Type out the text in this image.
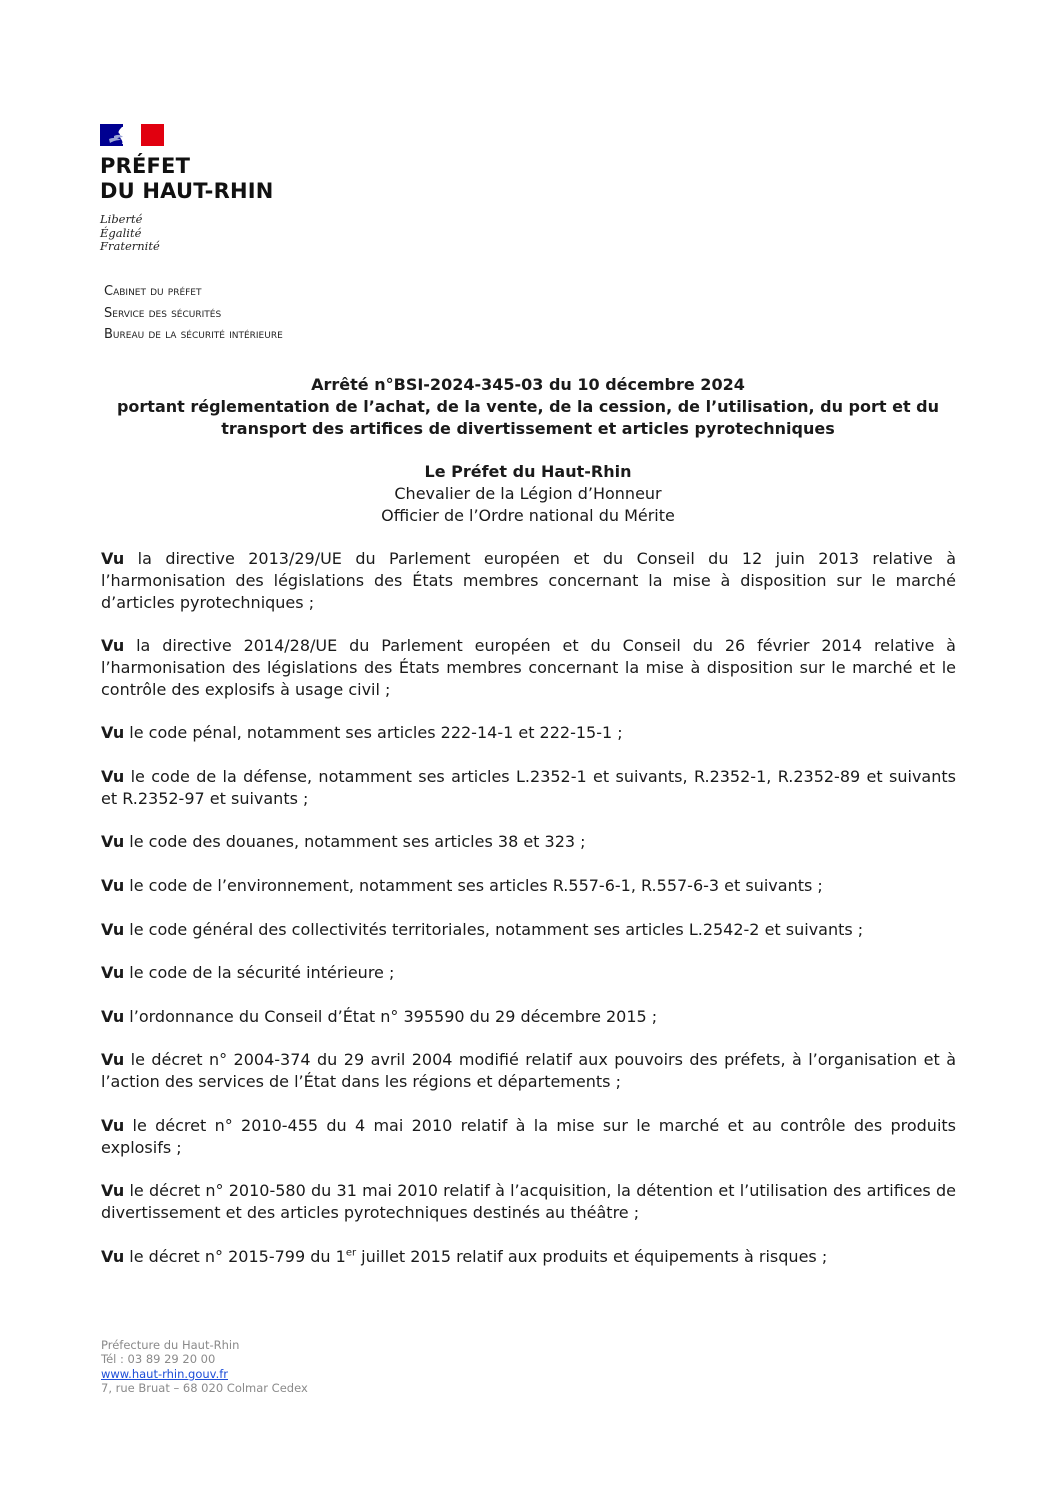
PRÉFET
DU HAUT-RHIN
Liberté
Égalité
Fraternité
Cabinet du préfet
Service des sécurités
Bureau de la sécurité intérieure
Arrêté n°BSI-2024-345-03 du 10 décembre 2024
portant réglementation de l’achat, de la vente, de la cession, de l’utilisation, du port et du
transport des artifices de divertissement et articles pyrotechniques
Le Préfet du Haut-Rhin
Chevalier de la Légion d’Honneur
Officier de l’Ordre national du Mérite

Vu la directive 2013/29/UE du Parlement européen et du Conseil du 12 juin 2013 relative à l’harmonisation des législations des États membres concernant la mise à disposition sur le marché d’articles pyrotechniques ;

Vu la directive 2014/28/UE du Parlement européen et du Conseil du 26 février 2014 relative à l’harmonisation des législations des États membres concernant la mise à disposition sur le marché et le contrôle des explosifs à usage civil ;

Vu le code pénal, notamment ses articles 222-14-1 et 222-15-1 ;

Vu le code de la défense, notamment ses articles L.2352-1 et suivants, R.2352-1, R.2352-89 et suivants et R.2352-97 et suivants ;

Vu le code des douanes, notamment ses articles 38 et 323 ;

Vu le code de l’environnement, notamment ses articles R.557-6-1, R.557-6-3 et suivants ;

Vu le code général des collectivités territoriales, notamment ses articles L.2542-2 et suivants ;

Vu le code de la sécurité intérieure ;

Vu l’ordonnance du Conseil d’État n° 395590 du 29 décembre 2015 ;

Vu le décret n° 2004-374 du 29 avril 2004 modifié relatif aux pouvoirs des préfets, à l’organisation et à l’action des services de l’État dans les régions et départements ;

Vu le décret n° 2010-455 du 4 mai 2010 relatif à la mise sur le marché et au contrôle des produits explosifs ;

Vu le décret n° 2010-580 du 31 mai 2010 relatif à l’acquisition, la détention et l’utilisation des artifices de divertissement et des articles pyrotechniques destinés au théâtre ;

Vu le décret n° 2015-799 du 1er juillet 2015 relatif aux produits et équipements à risques ;

Préfecture du Haut-Rhin
Tél : 03 89 29 20 00
www.haut-rhin.gouv.fr
7, rue Bruat – 68 020 Colmar Cedex
